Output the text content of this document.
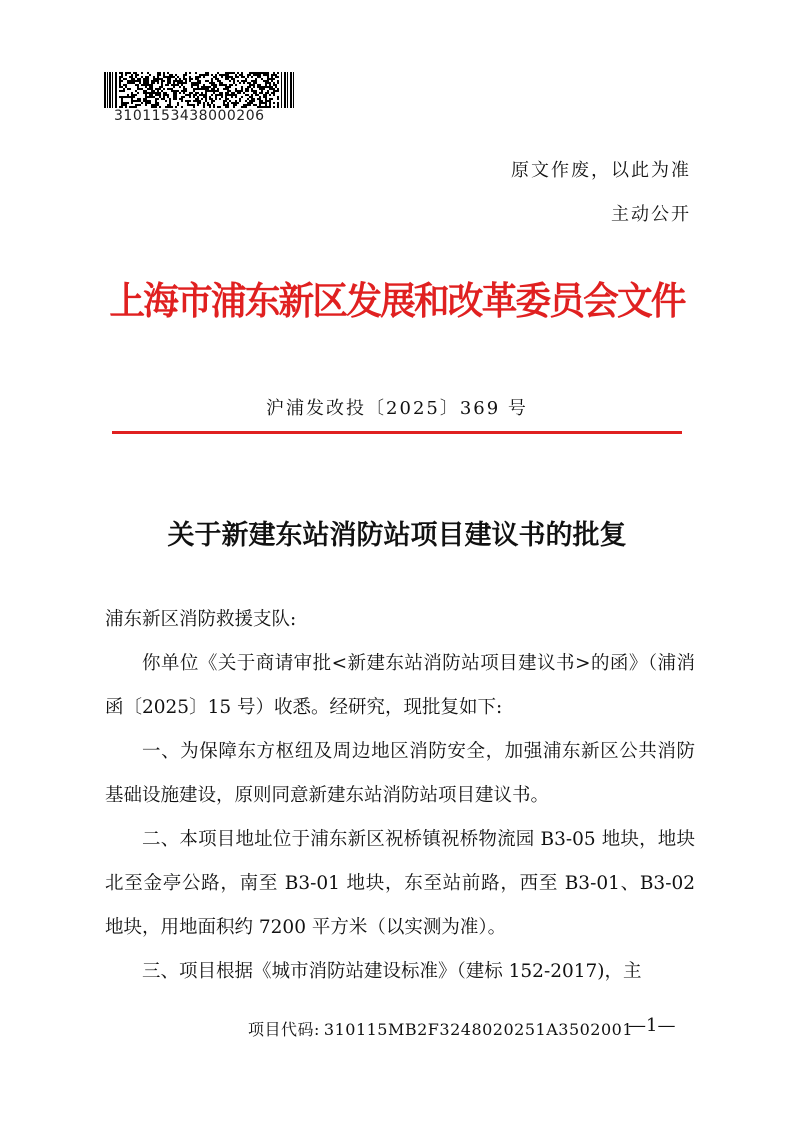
3101153438000206
原文作废，以此为准
主动公开
上海市浦东新区发展和改革委员会文件
沪浦发改投〔2025〕369 号
关于新建东站消防站项目建议书的批复

浦东新区消防救援支队:

你单位《关于商请审批<新建东站消防站项目建议书>的函》（浦消函〔2025〕15 号）收悉。经研究，现批复如下:

一、为保障东方枢纽及周边地区消防安全，加强浦东新区公共消防基础设施建设，原则同意新建东站消防站项目建议书。

二、本项目地址位于浦东新区祝桥镇祝桥物流园 B3-05 地块，地块北至金亭公路，南至 B3-01 地块，东至站前路，西至 B3-01、B3-02 地块，用地面积约 7200 平方米（以实测为准）。

三、项目根据《城市消防站建设标准》（建标 152-2017)，主

项目代码: 310115MB2F3248020251A3502001
—1—
